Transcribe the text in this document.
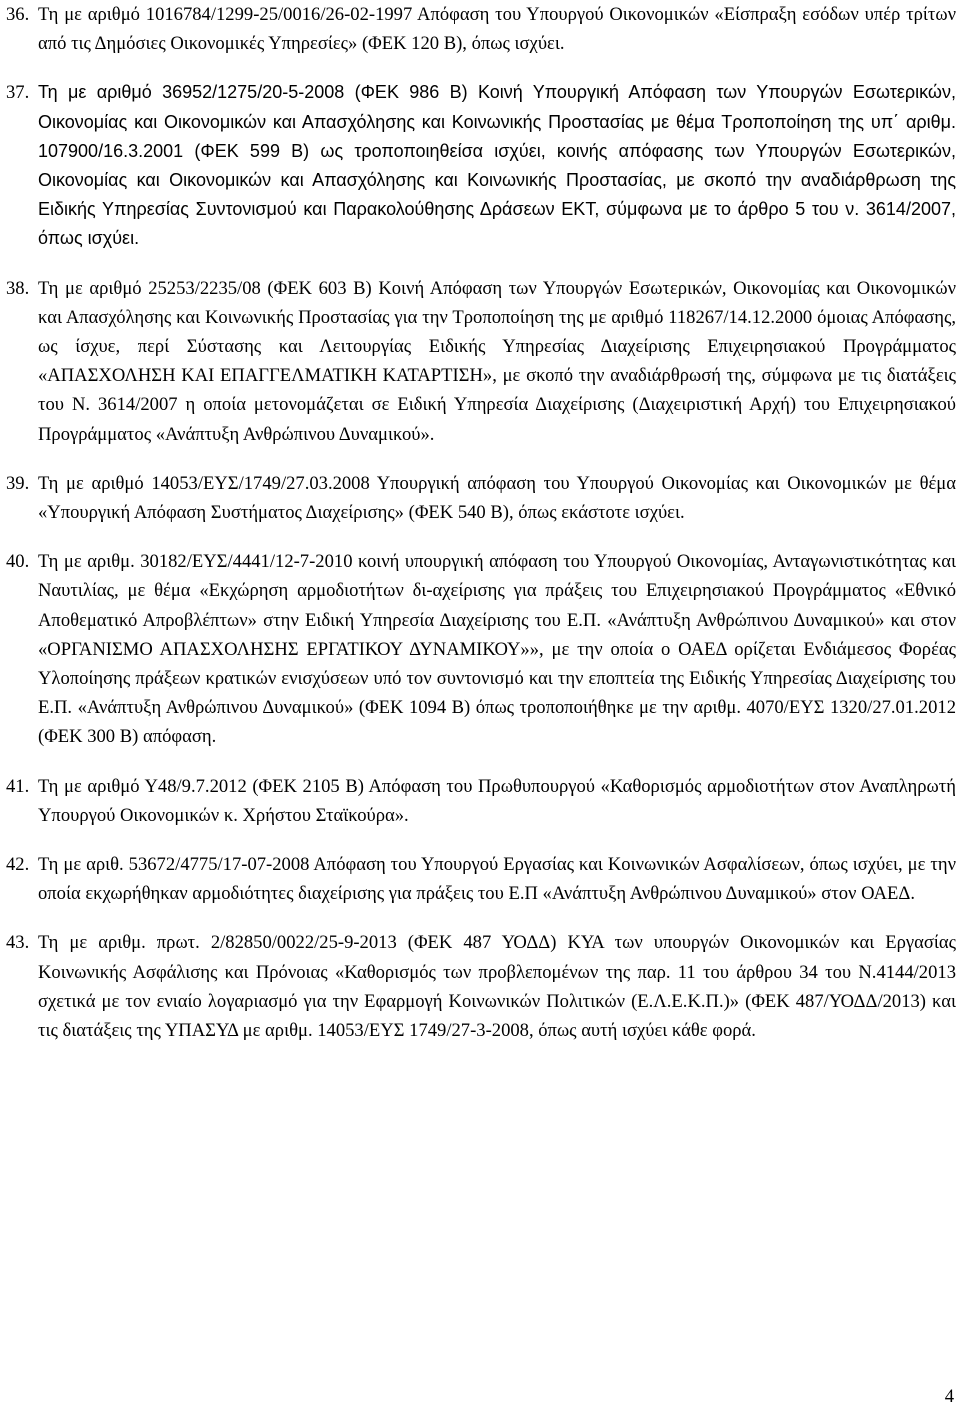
36. Τη με αριθμό 1016784/1299-25/0016/26-02-1997 Απόφαση του Υπουργού Οικονομικών «Είσπραξη εσόδων υπέρ τρίτων από τις Δημόσιες Οικονομικές Υπηρεσίες» (ΦΕΚ 120 Β), όπως ισχύει.
37. Τη με αριθμό 36952/1275/20-5-2008 (ΦΕΚ 986 Β) Κοινή Υπουργική Απόφαση των Υπουργών Εσωτερικών, Οικονομίας και Οικονομικών και Απασχόλησης και Κοινωνικής Προστασίας με θέμα Τροποποίηση της υπ΄ αριθμ. 107900/16.3.2001 (ΦΕΚ 599 Β) ως τροποποιηθείσα ισχύει, κοινής απόφασης των Υπουργών Εσωτερικών, Οικονομίας και Οικονομικών και Απασχόλησης και Κοινωνικής Προστασίας, με σκοπό την αναδιάρθρωση της Ειδικής Υπηρεσίας Συντονισμού και Παρακολούθησης Δράσεων ΕΚΤ, σύμφωνα με το άρθρο 5 του ν. 3614/2007, όπως ισχύει.
38. Τη με αριθμό 25253/2235/08 (ΦΕΚ 603 Β) Κοινή Απόφαση των Υπουργών Εσωτερικών, Οικονομίας και Οικονομικών και Απασχόλησης και Κοινωνικής Προστασίας για την Τροποποίηση της με αριθμό 118267/14.12.2000 όμοιας Απόφασης, ως ίσχυε, περί Σύστασης και Λειτουργίας Ειδικής Υπηρεσίας Διαχείρισης Επιχειρησιακού Προγράμματος «ΑΠΑΣΧΟΛΗΣΗ ΚΑΙ ΕΠΑΓΓΕΛΜΑΤΙΚΗ ΚΑΤΑΡΤΙΣΗ», με σκοπό την αναδιάρθρωσή της, σύμφωνα με τις διατάξεις του Ν. 3614/2007 η οποία μετονομάζεται σε Ειδική Υπηρεσία Διαχείρισης (Διαχειριστική Αρχή) του Επιχειρησιακού Προγράμματος «Ανάπτυξη Ανθρώπινου Δυναμικού».
39. Τη με αριθμό 14053/ΕΥΣ/1749/27.03.2008 Υπουργική απόφαση του Υπουργού Οικονομίας και Οικονομικών με θέμα «Υπουργική Απόφαση Συστήματος Διαχείρισης» (ΦΕΚ 540 Β), όπως εκάστοτε ισχύει.
40. Τη με αριθμ. 30182/ΕΥΣ/4441/12-7-2010 κοινή υπουργική απόφαση του Υπουργού Οικονομίας, Ανταγωνιστικότητας και Ναυτιλίας, με θέμα «Εκχώρηση αρμοδιοτήτων δι-αχείρισης για πράξεις του Επιχειρησιακού Προγράμματος «Εθνικό Αποθεματικό Απροβλέπτων» στην Ειδική Υπηρεσία Διαχείρισης του Ε.Π. «Ανάπτυξη Ανθρώπινου Δυναμικού» και στον «ΟΡΓΑΝΙΣΜΟ ΑΠΑΣΧΟΛΗΣΗΣ ΕΡΓΑΤΙΚΟΥ ΔΥΝΑΜΙΚΟΥ»», με την οποία ο ΟΑΕΔ ορίζεται Ενδιάμεσος Φορέας Υλοποίησης πράξεων κρατικών ενισχύσεων υπό τον συντονισμό και την εποπτεία της Ειδικής Υπηρεσίας Διαχείρισης του Ε.Π. «Ανάπτυξη Ανθρώπινου Δυναμικού» (ΦΕΚ 1094 Β) όπως τροποποιήθηκε με την αριθμ. 4070/ΕΥΣ 1320/27.01.2012 (ΦΕΚ 300 Β) απόφαση.
41. Τη με αριθμό Υ48/9.7.2012 (ΦΕΚ 2105 Β) Απόφαση του Πρωθυπουργού «Καθορισμός αρμοδιοτήτων στον Αναπληρωτή Υπουργού Οικονομικών κ. Χρήστου Σταϊκούρα».
42. Τη με αριθ. 53672/4775/17-07-2008 Απόφαση του Υπουργού Εργασίας και Κοινωνικών Ασφαλίσεων, όπως ισχύει, με την οποία εκχωρήθηκαν αρμοδιότητες διαχείρισης για πράξεις του Ε.Π «Ανάπτυξη Ανθρώπινου Δυναμικού» στον ΟΑΕΔ.
43. Τη με αριθμ. πρωτ. 2/82850/0022/25-9-2013 (ΦΕΚ 487 ΥΟΔΔ) ΚΥΑ των υπουργών Οικονομικών και Εργασίας Κοινωνικής Ασφάλισης και Πρόνοιας «Καθορισμός των προβλεπομένων της παρ. 11 του άρθρου 34 του Ν.4144/2013 σχετικά με τον ενιαίο λογαριασμό για την Εφαρμογή Κοινωνικών Πολιτικών (Ε.Λ.Ε.Κ.Π.)» (ΦΕΚ 487/ΥΟΔΔ/2013) και τις διατάξεις της ΥΠΑΣΥΔ με αριθμ. 14053/ΕΥΣ 1749/27-3-2008, όπως αυτή ισχύει κάθε φορά.
4
